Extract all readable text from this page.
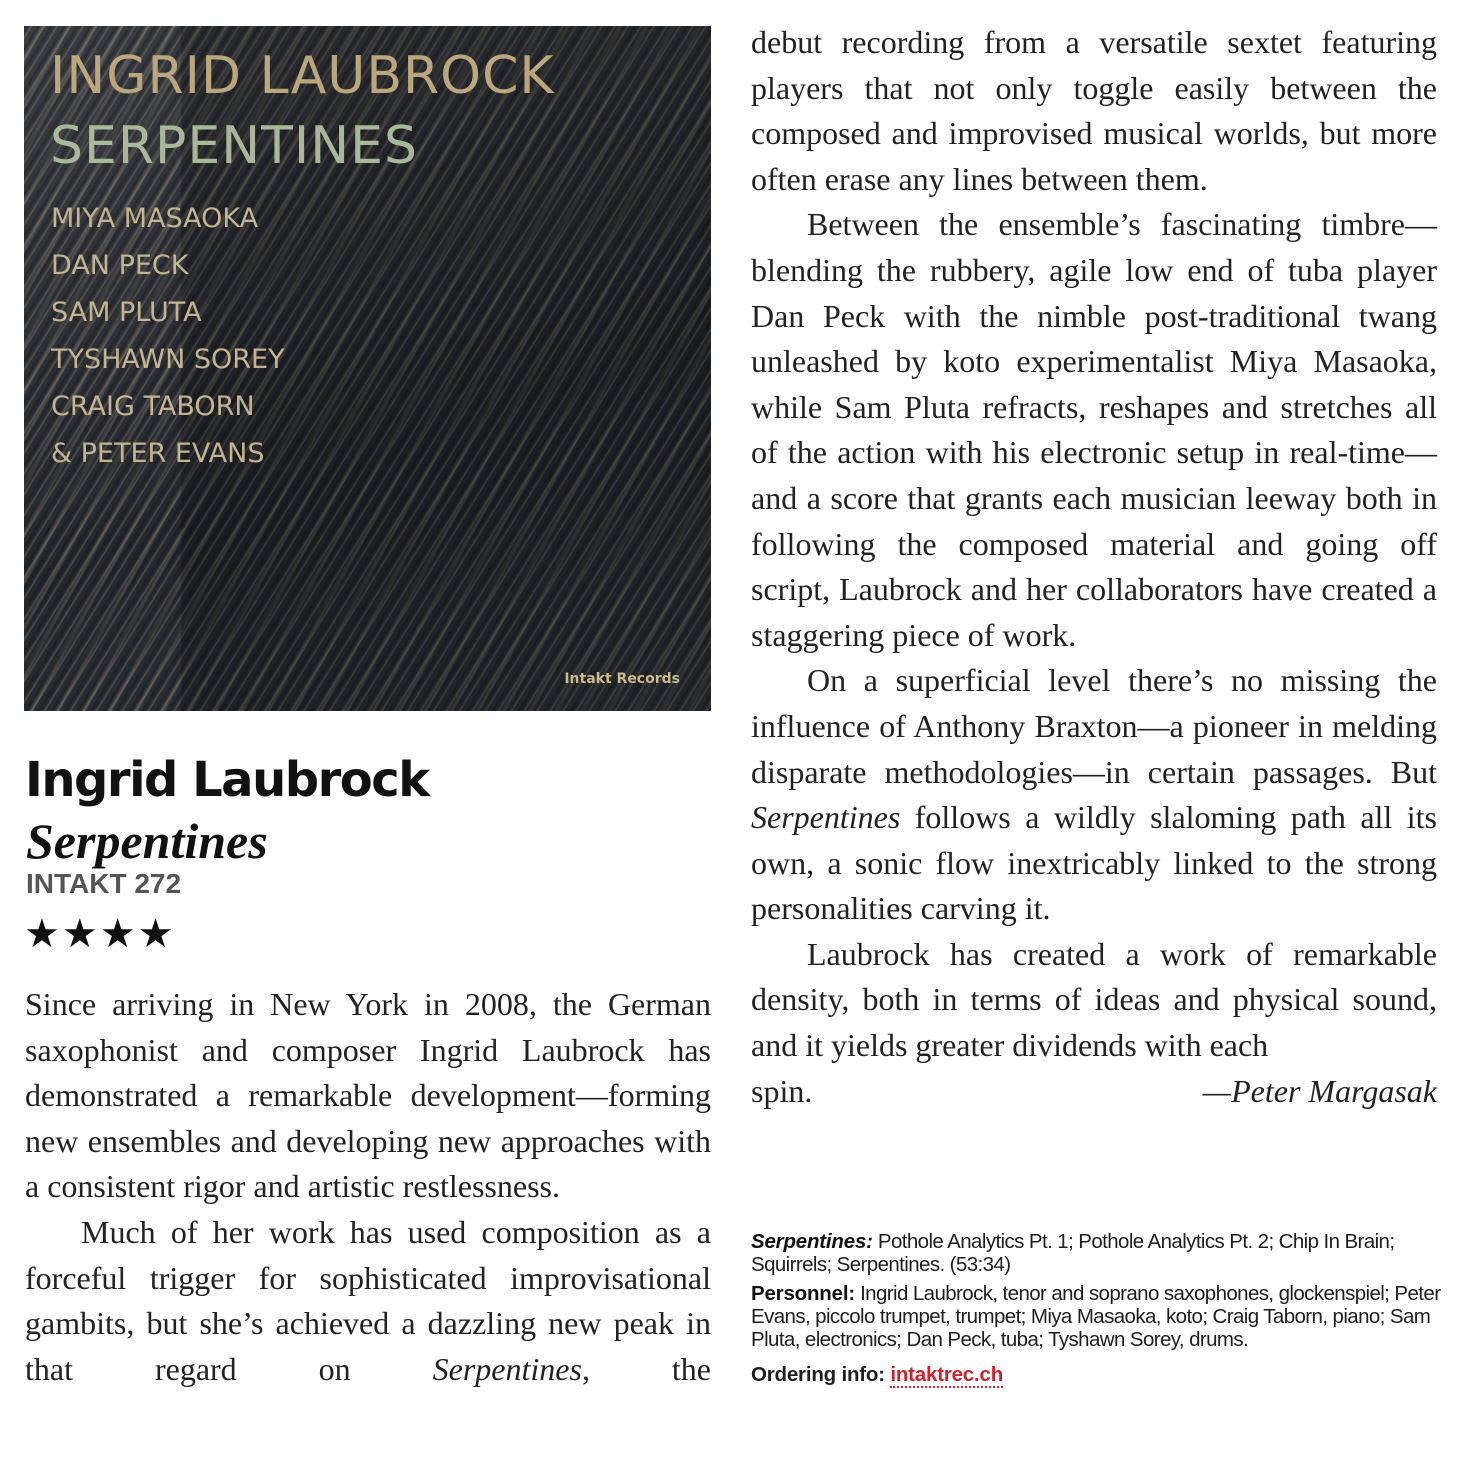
INGRID LAUBROCK

SERPENTINES

MIYA MASAOKA
DAN PECK
SAM PLUTA
TYSHAWN SOREY
CRAIG TABORN
& PETER EVANS
Intakt Records
Ingrid Laubrock
Serpentines
INTAKT 272
★★★★

Since arriving in New York in 2008, the German saxophonist and composer Ingrid Laubrock has demonstrated a remarkable development—forming new ensembles and developing new approaches with a consistent rigor and artistic restlessness.

Much of her work has used composition as a forceful trigger for sophisticated improvisational gambits, but she’s achieved a dazzling new peak in that regard on Serpentines, the

debut recording from a versatile sextet featuring players that not only toggle easily between the composed and improvised musical worlds, but more often erase any lines between them.

Between the ensemble’s fascinating timbre—blending the rubbery, agile low end of tuba player Dan Peck with the nimble post-traditional twang unleashed by koto experimentalist Miya Masaoka, while Sam Pluta refracts, reshapes and stretches all of the action with his electronic setup in real-time—and a score that grants each musician leeway both in following the composed material and going off script, Laubrock and her collaborators have created a staggering piece of work.

On a superficial level there’s no missing the influence of Anthony Braxton—a pioneer in melding disparate methodologies—in certain passages. But Serpentines follows a wildly slaloming path all its own, a sonic flow inextricably linked to the strong personalities carving it.

Laubrock has created a work of remarkable density, both in terms of ideas and physical sound, and it yields greater dividends with each

spin.	—Peter Margasak

Serpentines: Pothole Analytics Pt. 1; Pothole Analytics Pt. 2; Chip In Brain; Squirrels; Serpentines. (53:34)

Personnel: Ingrid Laubrock, tenor and soprano saxophones, glockenspiel; Peter Evans, piccolo trumpet, trumpet; Miya Masaoka, koto; Craig Taborn, piano; Sam Pluta, electronics; Dan Peck, tuba; Tyshawn Sorey, drums.

Ordering info: intaktrec.ch
